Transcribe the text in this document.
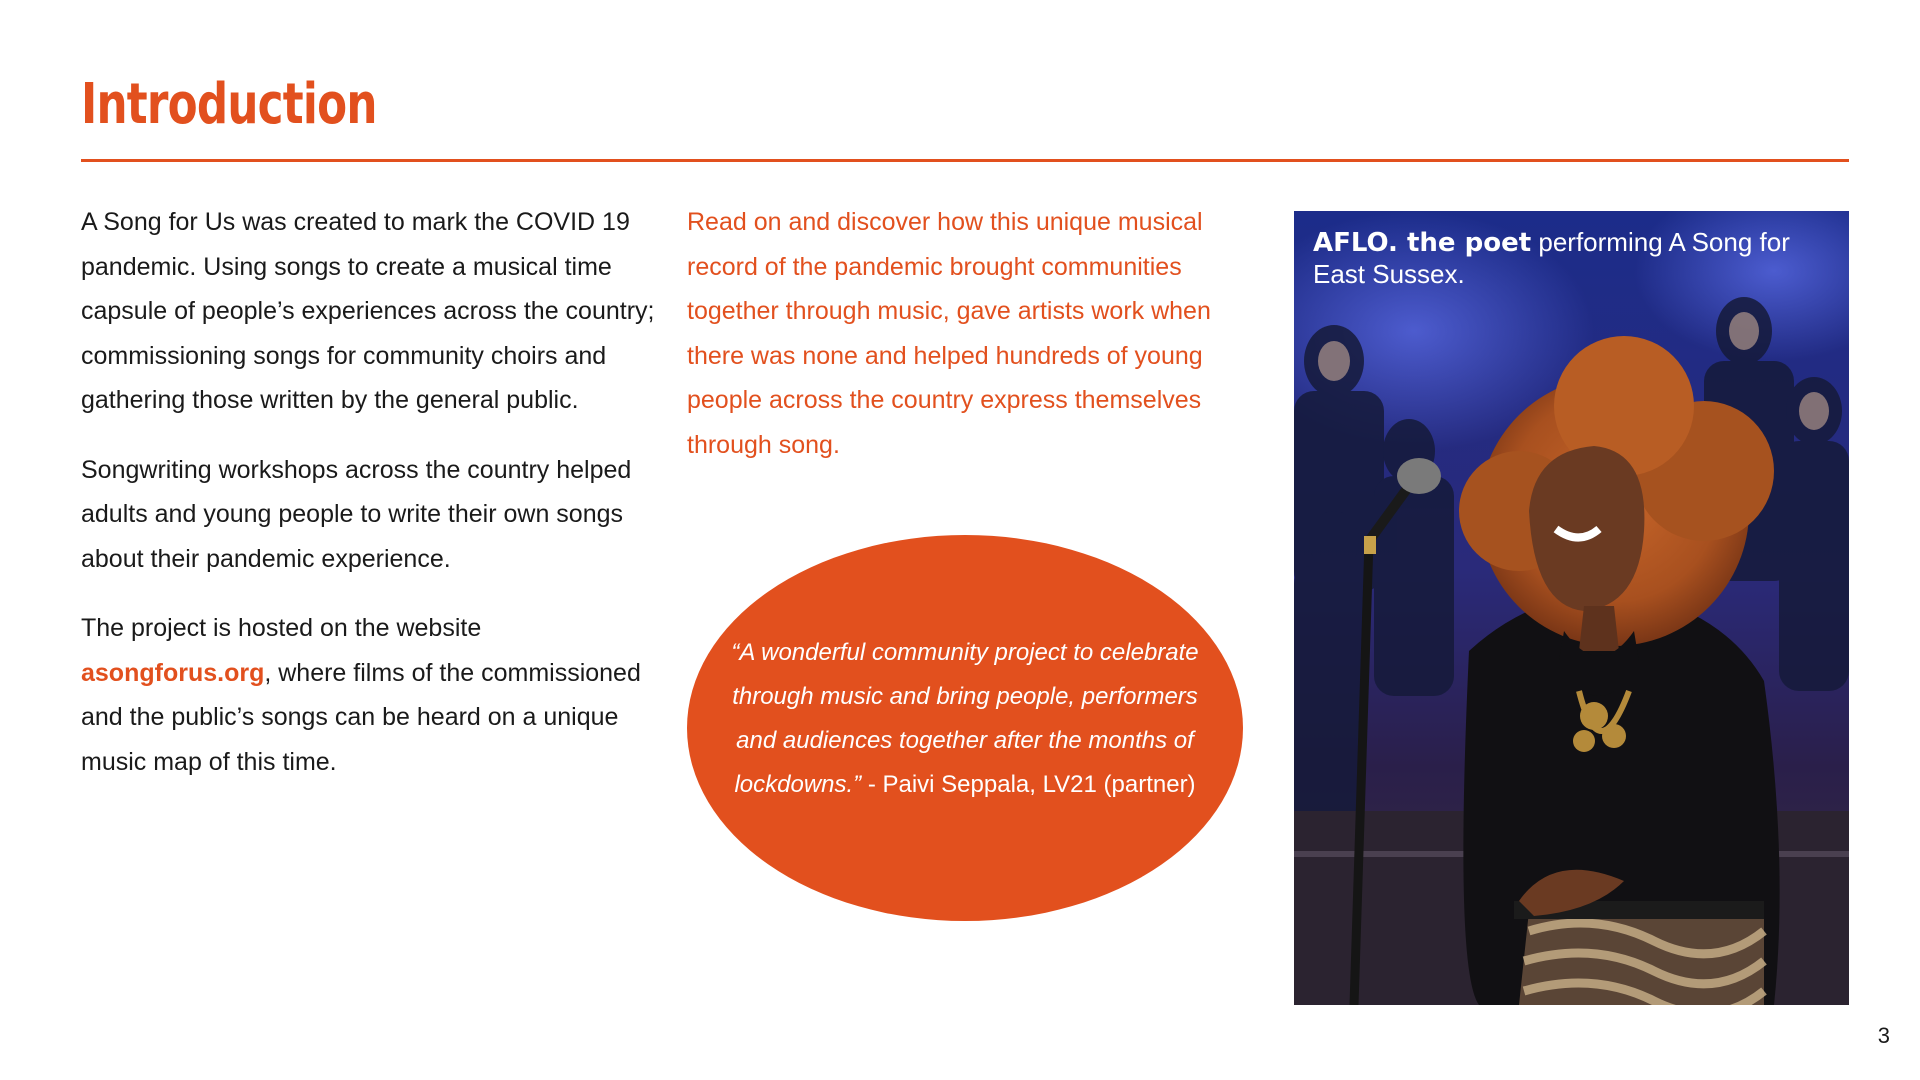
Introduction

A Song for Us was created to mark the COVID 19 pandemic. Using songs to create a musical time capsule of people’s experiences across the country; commissioning songs for community choirs and gathering those written by the general public.

Songwriting workshops across the country helped adults and young people to write their own songs about their pandemic experience.

The project is hosted on the website asongforus.org, where films of the commissioned and the public’s songs can be heard on a unique music map of this time.

Read on and discover how this unique musical record of the pandemic brought communities together through music, gave artists work when there was none and helped hundreds of young people across the country express themselves through song.

“A wonderful community project to celebrate through music and bring people, performers and audiences together after the months of lockdowns.” - Paivi Seppala, LV21 (partner)
AFLO. the poet performing A Song for East Sussex.
3
